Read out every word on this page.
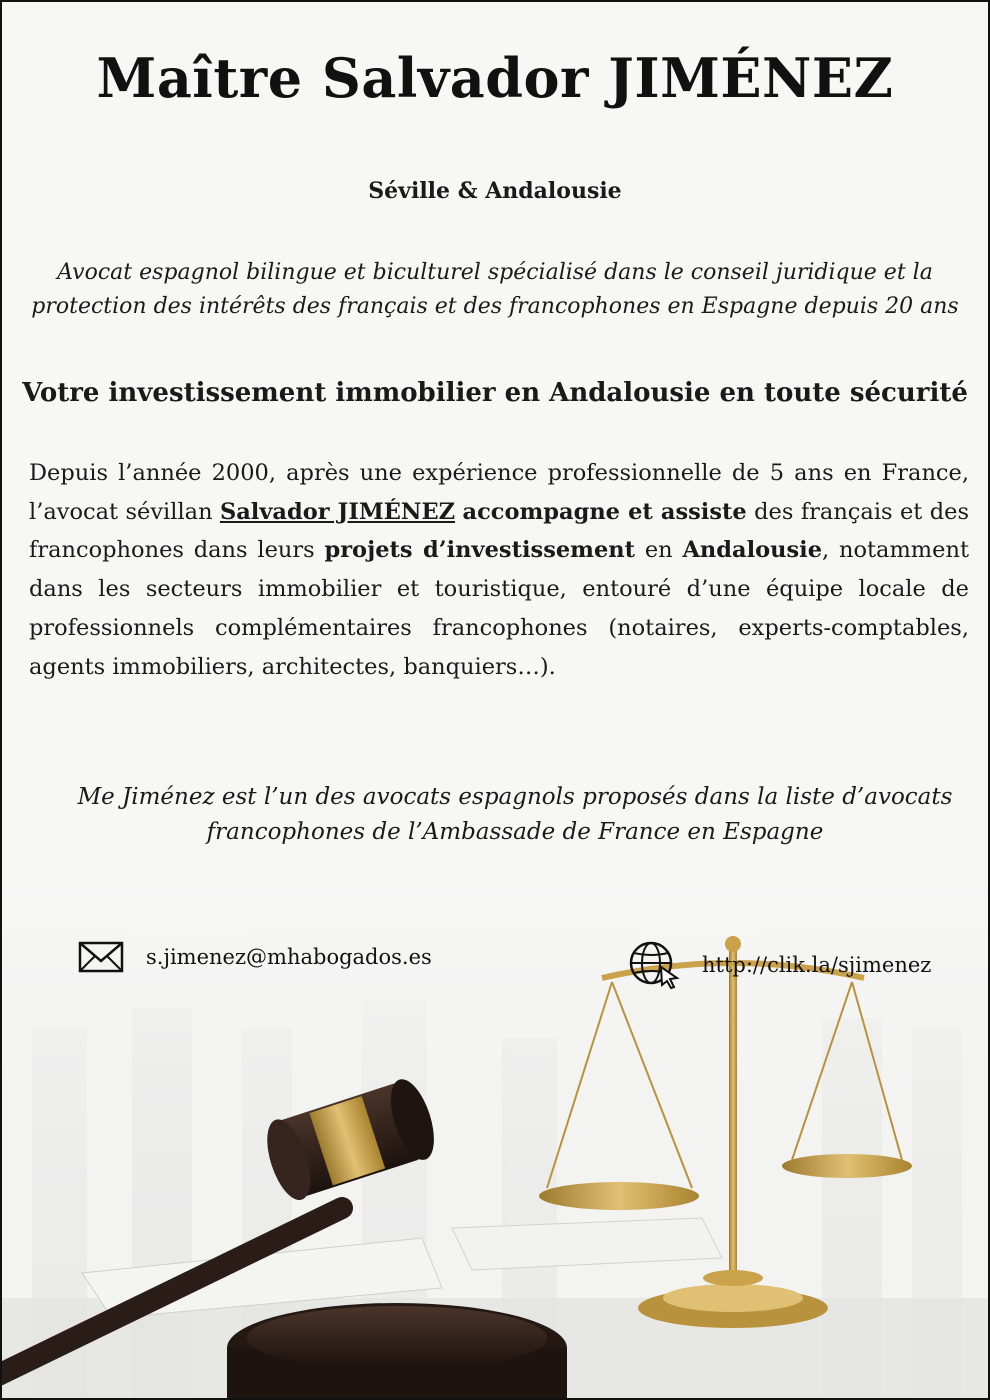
Maître Salvador JIMÉNEZ

Séville & Andalousie

Avocat espagnol bilingue et biculturel spécialisé dans le conseil juridique et la
protection des intérêts des français et des francophones en Espagne depuis 20 ans

Votre investissement immobilier en Andalousie en toute sécurité

Depuis l’année 2000, après une expérience professionnelle de 5 ans en France, l’avocat sévillan Salvador JIMÉNEZ accompagne et assiste des français et des francophones dans leurs projets d’investissement en Andalousie, notamment dans les secteurs immobilier et touristique, entouré d’une équipe locale de professionnels complémentaires francophones (notaires, experts-comptables, agents immobiliers, architectes, banquiers…).

Me Jiménez est l’un des avocats espagnols proposés dans la liste d’avocats
francophones de l’Ambassade de France en Espagne

s.jimenez@mhabogados.es	http://clik.la/sjimenez
